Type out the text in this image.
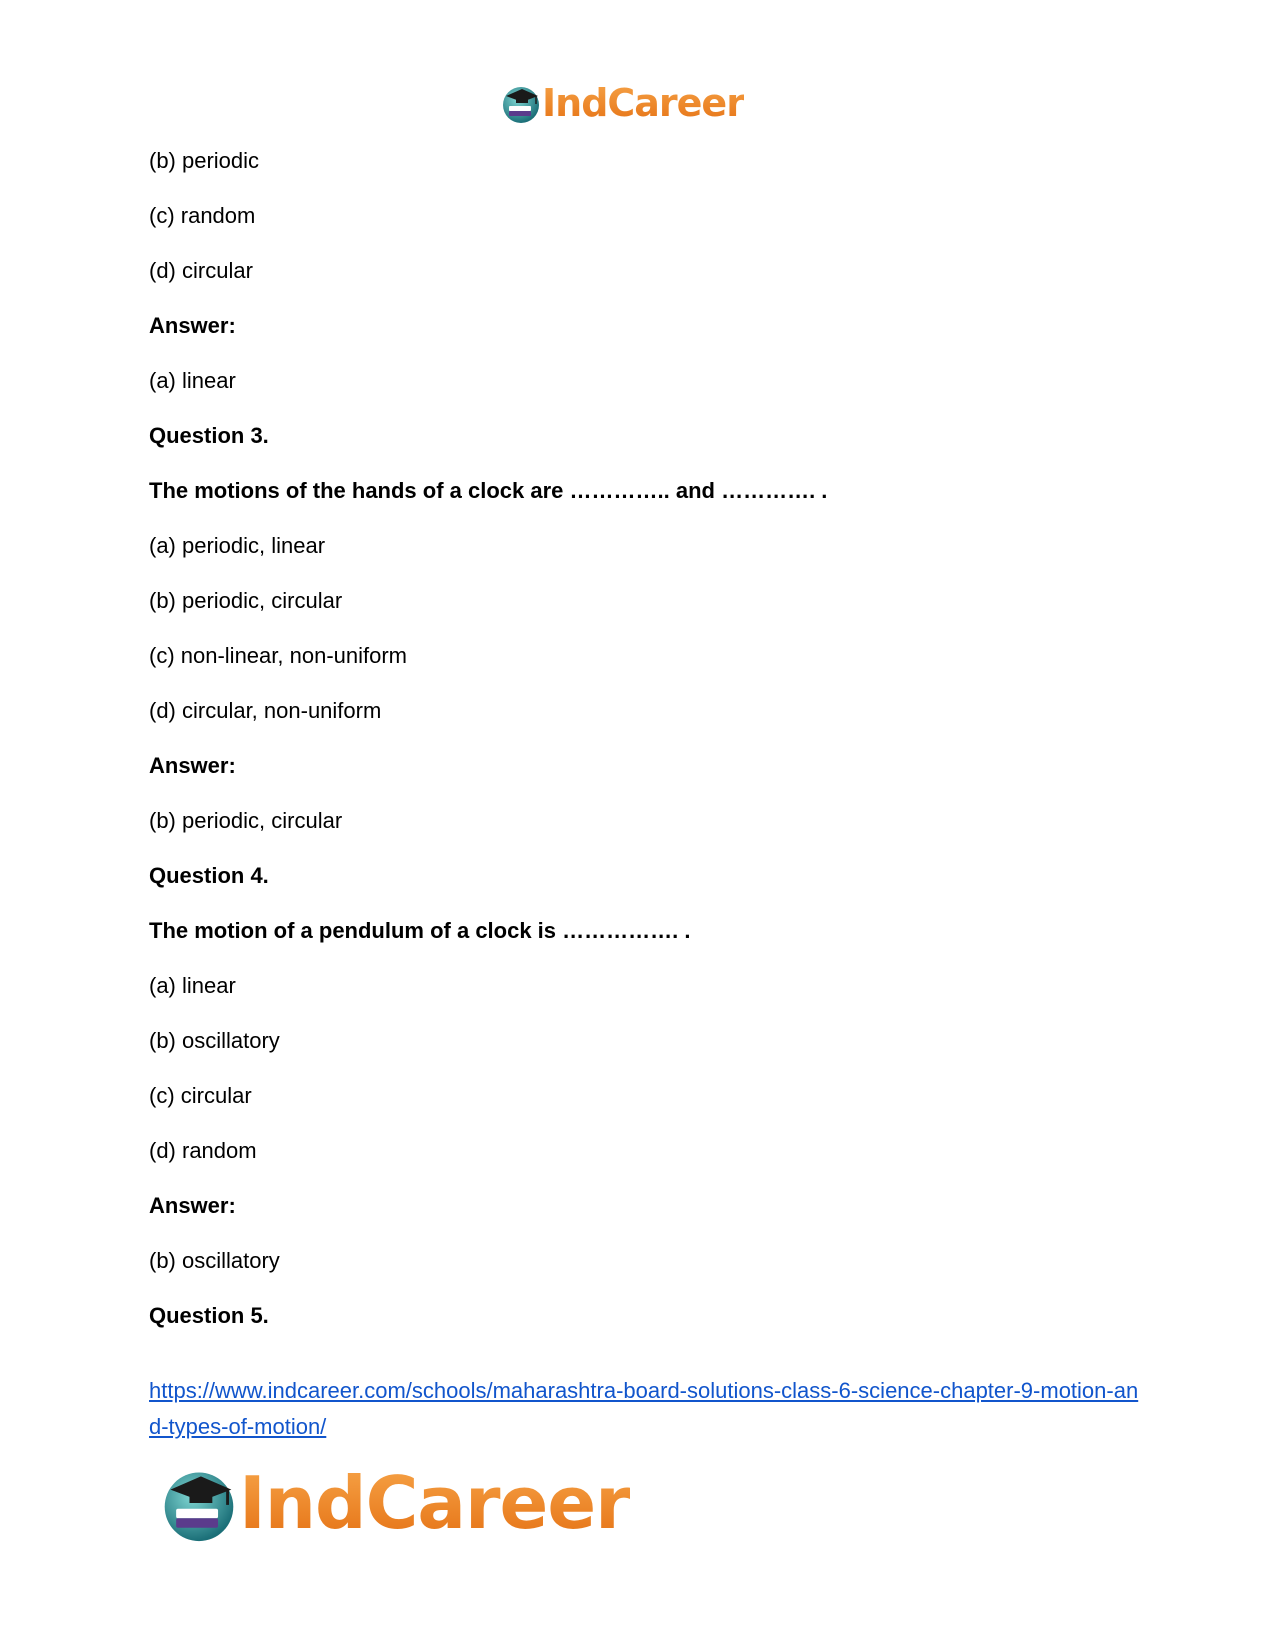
IndCareer
(b) periodic
(c) random
(d) circular
Answer:
(a) linear
Question 3.
The motions of the hands of a clock are ………….. and …………. .
(a) periodic, linear
(b) periodic, circular
(c) non-linear, non-uniform
(d) circular, non-uniform
Answer:
(b) periodic, circular
Question 4.
The motion of a pendulum of a clock is ……………. .
(a) linear
(b) oscillatory
(c) circular
(d) random
Answer:
(b) oscillatory
Question 5.
https://www.indcareer.com/schools/maharashtra-board-solutions-class-6-science-chapter-9-motion-and-types-of-motion/
IndCareer
